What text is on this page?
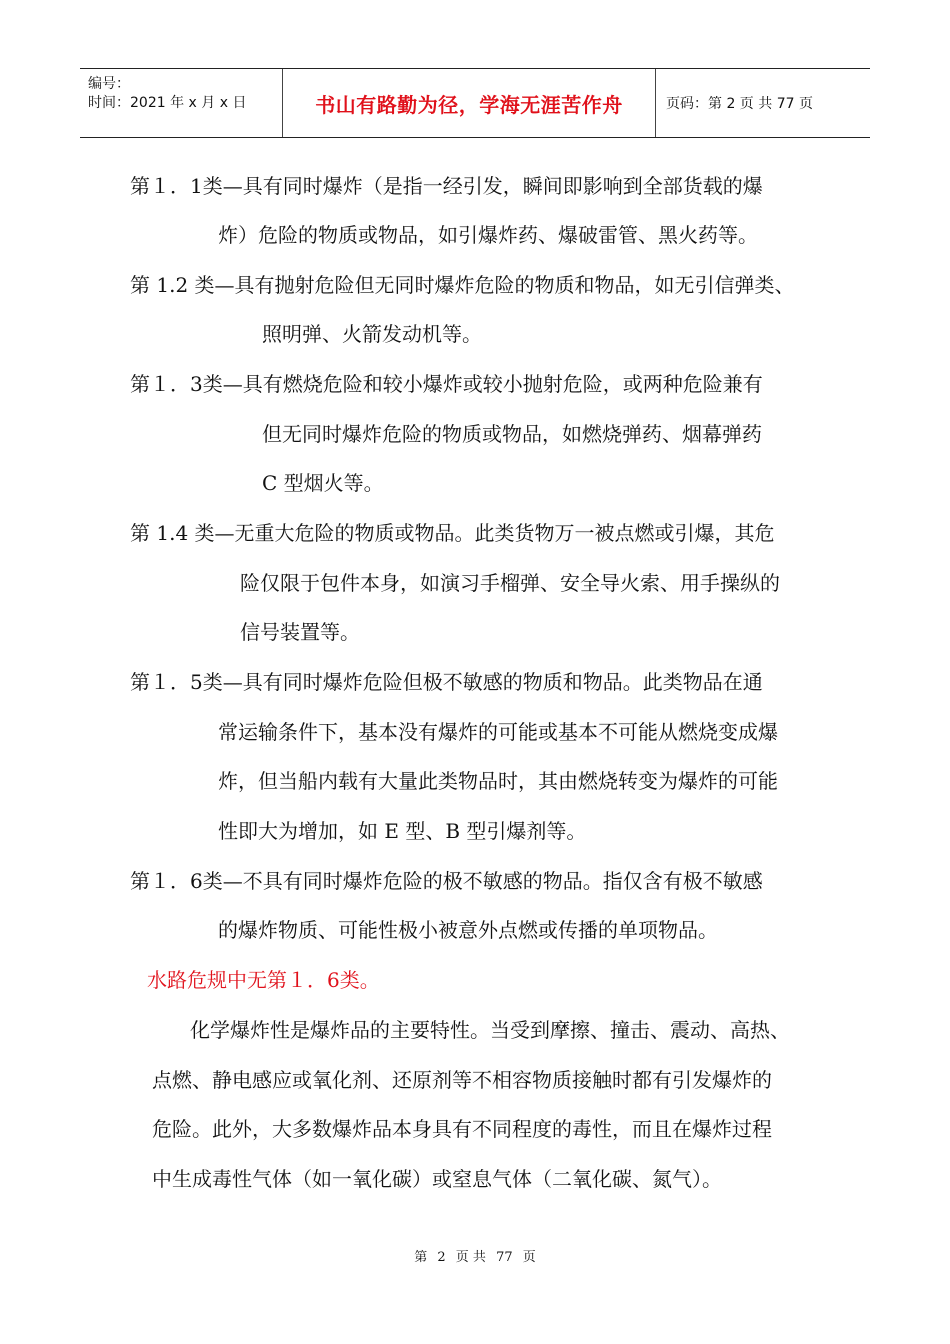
编号：
时间：2021 年 x 月 x 日	书山有路勤为径，学海无涯苦作舟	页码：第 2 页 共 77 页
第１．1类—具有同时爆炸（是指一经引发，瞬间即影响到全部货载的爆
炸）危险的物质或物品，如引爆炸药、爆破雷管、黑火药等。
第 1.2 类—具有抛射危险但无同时爆炸危险的物质和物品，如无引信弹类、
照明弹、火箭发动机等。
第１．3类—具有燃烧危险和较小爆炸或较小抛射危险，或两种危险兼有
但无同时爆炸危险的物质或物品，如燃烧弹药、烟幕弹药
C 型烟火等。
第 1.4 类—无重大危险的物质或物品。此类货物万一被点燃或引爆，其危
险仅限于包件本身，如演习手榴弹、安全导火索、用手操纵的
信号装置等。
第１．5类—具有同时爆炸危险但极不敏感的物质和物品。此类物品在通
常运输条件下，基本没有爆炸的可能或基本不可能从燃烧变成爆
炸，但当船内载有大量此类物品时，其由燃烧转变为爆炸的可能
性即大为增加，如 E 型、B 型引爆剂等。
第１．6类—不具有同时爆炸危险的极不敏感的物品。指仅含有极不敏感
的爆炸物质、可能性极小被意外点燃或传播的单项物品。
水路危规中无第１．6类。
化学爆炸性是爆炸品的主要特性。当受到摩擦、撞击、震动、高热、
点燃、静电感应或氧化剂、还原剂等不相容物质接触时都有引发爆炸的
危险。此外，大多数爆炸品本身具有不同程度的毒性，而且在爆炸过程
中生成毒性气体（如一氧化碳）或窒息气体（二氧化碳、氮气）。
第 2 页 共 77 页
